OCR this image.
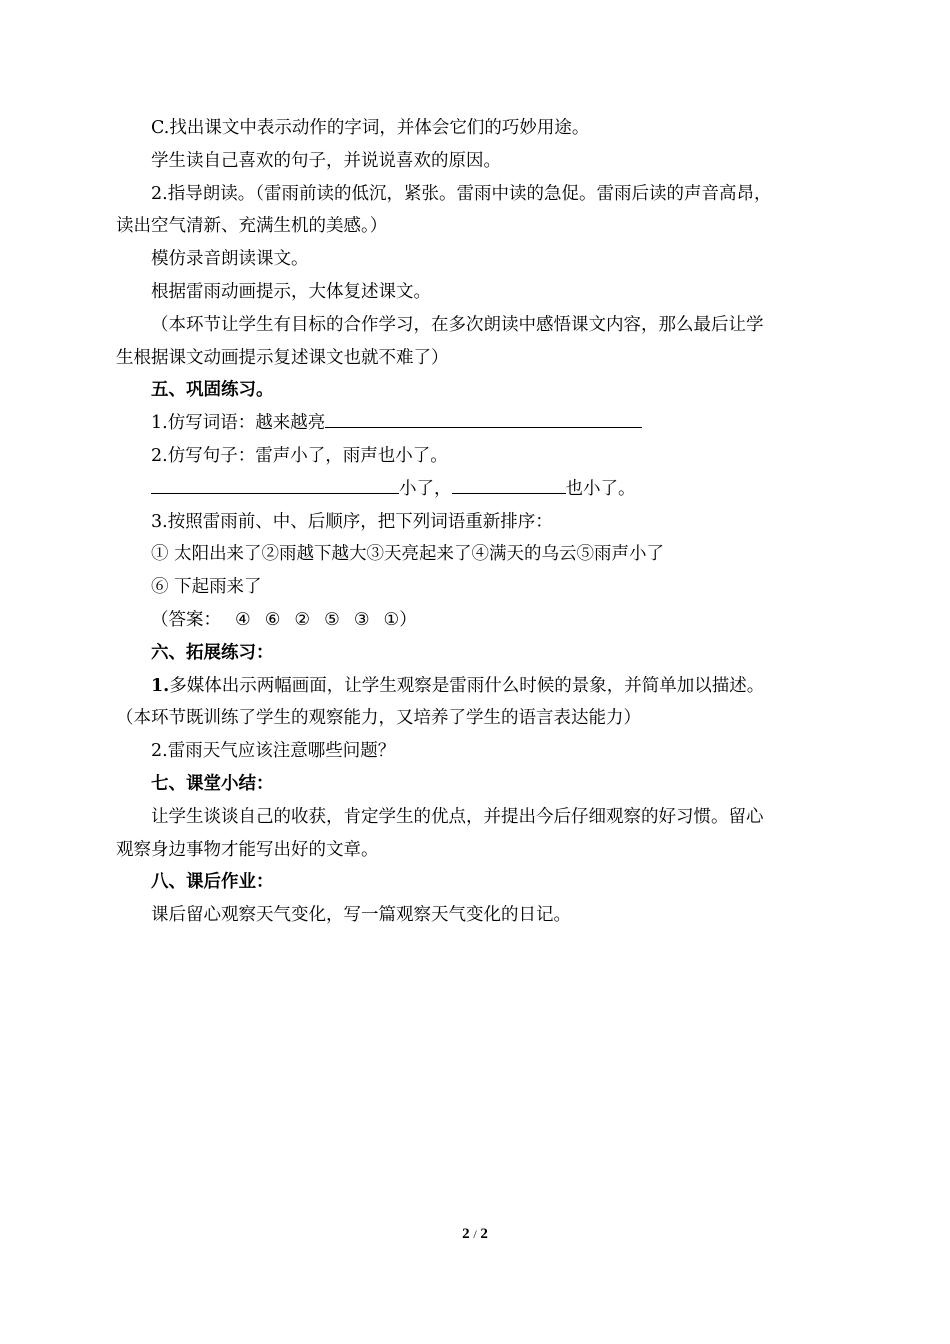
C.找出课文中表示动作的字词，并体会它们的巧妙用途。

学生读自己喜欢的句子，并说说喜欢的原因。

2.指导朗读。（雷雨前读的低沉，紧张。雷雨中读的急促。雷雨后读的声音高昂，
读出空气清新、充满生机的美感。）

模仿录音朗读课文。

根据雷雨动画提示，大体复述课文。

（本环节让学生有目标的合作学习，在多次朗读中感悟课文内容，那么最后让学
生根据课文动画提示复述课文也就不难了）

五、巩固练习。

1.仿写词语：越来越亮

2.仿写句子：雷声小了，雨声也小了。

小了，	也小了。

3.按照雷雨前、中、后顺序，把下列词语重新排序：

① 太阳出来了②雨越下越大③天亮起来了④满天的乌云⑤雨声小了

⑥ 下起雨来了

（答案： ④ ⑥ ② ⑤ ③ ①）

六、拓展练习：

1.多媒体出示两幅画面，让学生观察是雷雨什么时候的景象，并简单加以描述。

（本环节既训练了学生的观察能力，又培养了学生的语言表达能力）

2.雷雨天气应该注意哪些问题？

七、课堂小结：

让学生谈谈自己的收获，肯定学生的优点，并提出今后仔细观察的好习惯。留心
观察身边事物才能写出好的文章。

八、课后作业：

课后留心观察天气变化，写一篇观察天气变化的日记。

2 / 2
